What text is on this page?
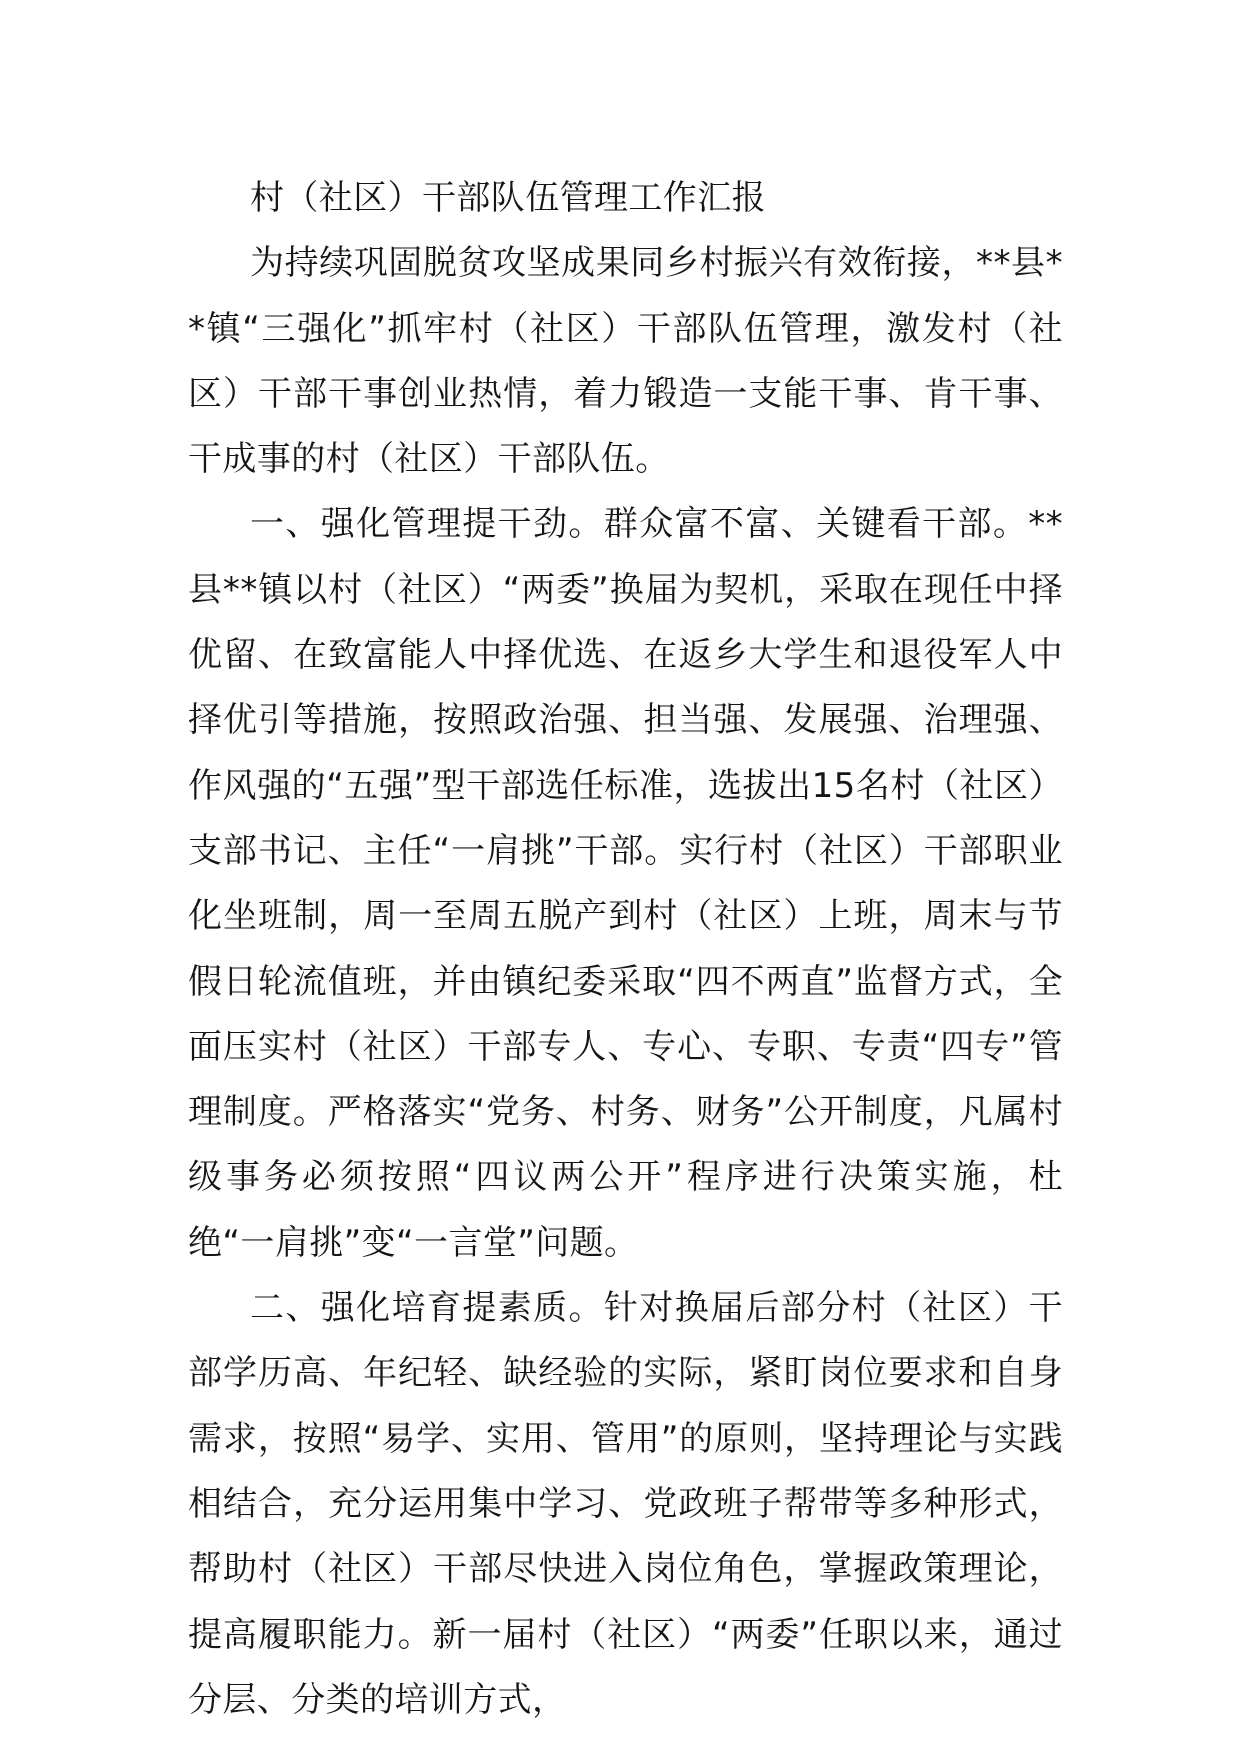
村（社区）干部队伍管理工作汇报

为持续巩固脱贫攻坚成果同乡村振兴有效衔接，**县**镇“三强化”抓牢村（社区）干部队伍管理，激发村（社区）干部干事创业热情，着力锻造一支能干事、肯干事、干成事的村（社区）干部队伍。

一、强化管理提干劲。群众富不富、关键看干部。**县**镇以村（社区）“两委”换届为契机，采取在现任中择优留、在致富能人中择优选、在返乡大学生和退役军人中择优引等措施，按照政治强、担当强、发展强、治理强、作风强的“五强”型干部选任标准，选拔出15名村（社区）支部书记、主任“一肩挑”干部。实行村（社区）干部职业化坐班制，周一至周五脱产到村（社区）上班，周末与节假日轮流值班，并由镇纪委采取“四不两直”监督方式，全面压实村（社区）干部专人、专心、专职、专责“四专”管理制度。严格落实“党务、村务、财务”公开制度，凡属村级事务必须按照“四议两公开”程序进行决策实施，杜绝“一肩挑”变“一言堂”问题。

二、强化培育提素质。针对换届后部分村（社区）干部学历高、年纪轻、缺经验的实际，紧盯岗位要求和自身需求，按照“易学、实用、管用”的原则，坚持理论与实践相结合，充分运用集中学习、党政班子帮带等多种形式，帮助村（社区）干部尽快进入岗位角色，掌握政策理论，提高履职能力。新一届村（社区）“两委”任职以来，通过分层、分类的培训方式，
